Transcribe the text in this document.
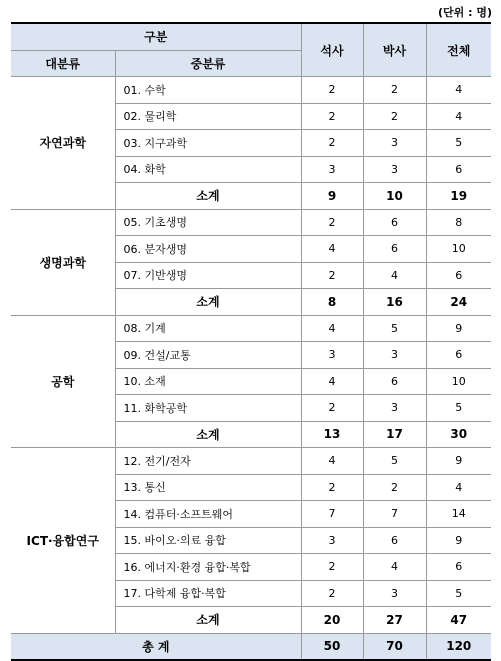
(단위 : 명)
구분		석사	박사	전체
대분류	중분류			
자연과학	01. 수학	2	2	4
	02. 물리학	2	2	4
	03. 지구과학	2	3	5
	04. 화학	3	3	6
	소계	9	10	19
생명과학	05. 기초생명	2	6	8
	06. 분자생명	4	6	10
	07. 기반생명	2	4	6
	소계	8	16	24
공학	08. 기계	4	5	9
	09. 건설/교통	3	3	6
	10. 소재	4	6	10
	11. 화학공학	2	3	5
	소계	13	17	30
ICT·융합연구	12. 전기/전자	4	5	9
	13. 통신	2	2	4
	14. 컴퓨터·소프트웨어	7	7	14
	15. 바이오·의료 융합	3	6	9
	16. 에너지·환경 융합·복합	2	4	6
	17. 다학제 융합·복합	2	3	5
	소계	20	27	47
총 계		50	70	120
